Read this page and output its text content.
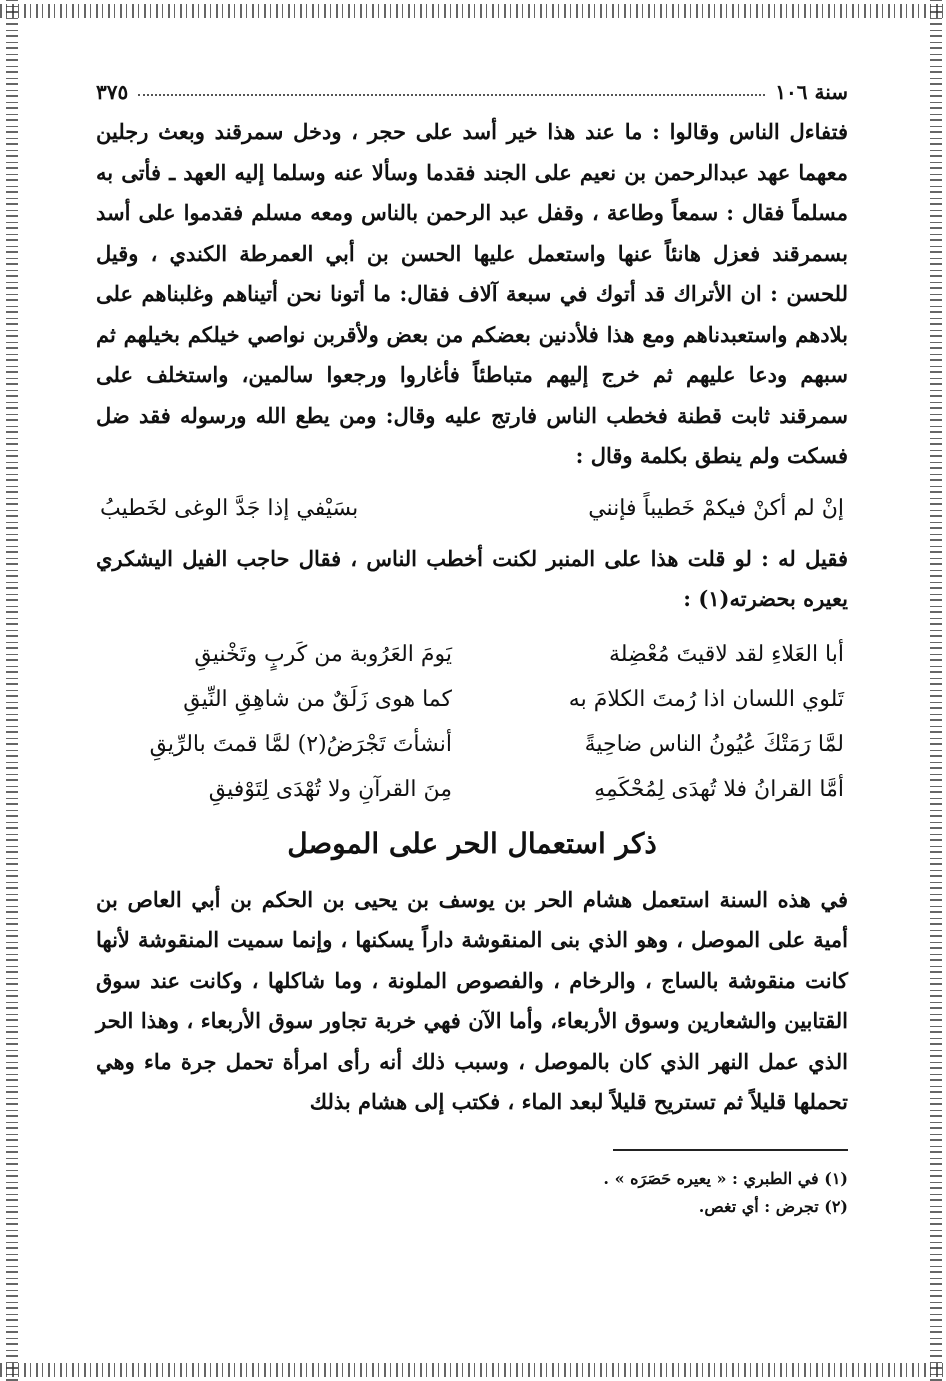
سنة ١٠٦
٣٧٥

فتفاءل الناس وقالوا : ما عند هذا خير أسد على حجر ، ودخل سمرقند وبعث رجلين معهما عهد عبدالرحمن بن نعيم على الجند فقدما وسألا عنه وسلما إليه العهد ـ فأتى به مسلماً فقال : سمعاً وطاعة ، وقفل عبد الرحمن بالناس ومعه مسلم فقدموا على أسد بسمرقند فعزل هانئاً عنها واستعمل عليها الحسن بن أبي العمرطة الكندي ، وقيل للحسن : ان الأتراك قد أتوك في سبعة آلاف فقال: ما أتونا نحن أتيناهم وغلبناهم على بلادهم واستعبدناهم ومع هذا فلأدنين بعضكم من بعض ولأقربن نواصي خيلكم بخيلهم ثم سبهم ودعا عليهم ثم خرج إليهم متباطئاً فأغاروا ورجعوا سالمين، واستخلف على سمرقند ثابت قطنة فخطب الناس فارتج عليه وقال: ومن يطع الله ورسوله فقد ضل فسكت ولم ينطق بكلمة وقال :

إنْ لم أكنْ فيكمْ خَطيباً فإنني
بسَيْفي إذا جَدَّ الوغى لخَطيبُ

فقيل له : لو قلت هذا على المنبر لكنت أخطب الناس ، فقال حاجب الفيل اليشكري يعيره بحضرته(١) :

أبا العَلاءِ لقد لاقيتَ مُعْضِلة
يَومَ العَرُوبة من كَربٍ وتَخْنيقِ
تَلوي اللسان اذا رُمتَ الكلامَ به
كما هوى زَلَقٌ من شاهِقِ النِّيقِ
لمَّا رَمَتْكَ عُيُونُ الناس ضاحِيةً
أنشأتَ تَجْرَضُ(٢) لمَّا قمتَ بالرِّيقِ
أمَّا القرانُ فلا تُهدَى لِمُحْكَمِهِ
مِنَ القرآنِ ولا تُهْدَى لِتَوْفيقِ
ذكر استعمال الحر على الموصل

في هذه السنة استعمل هشام الحر بن يوسف بن يحيى بن الحكم بن أبي العاص بن أمية على الموصل ، وهو الذي بنى المنقوشة داراً يسكنها ، وإنما سميت المنقوشة لأنها كانت منقوشة بالساج ، والرخام ، والفصوص الملونة ، وما شاكلها ، وكانت عند سوق القتابين والشعارين وسوق الأربعاء، وأما الآن فهي خربة تجاور سوق الأربعاء ، وهذا الحر الذي عمل النهر الذي كان بالموصل ، وسبب ذلك أنه رأى امرأة تحمل جرة ماء وهي تحملها قليلاً ثم تستريح قليلاً لبعد الماء ، فكتب إلى هشام بذلك

(١) في الطبري : « يعيره حَصَرَه » .

(٢) تجرض : أي تغص.
